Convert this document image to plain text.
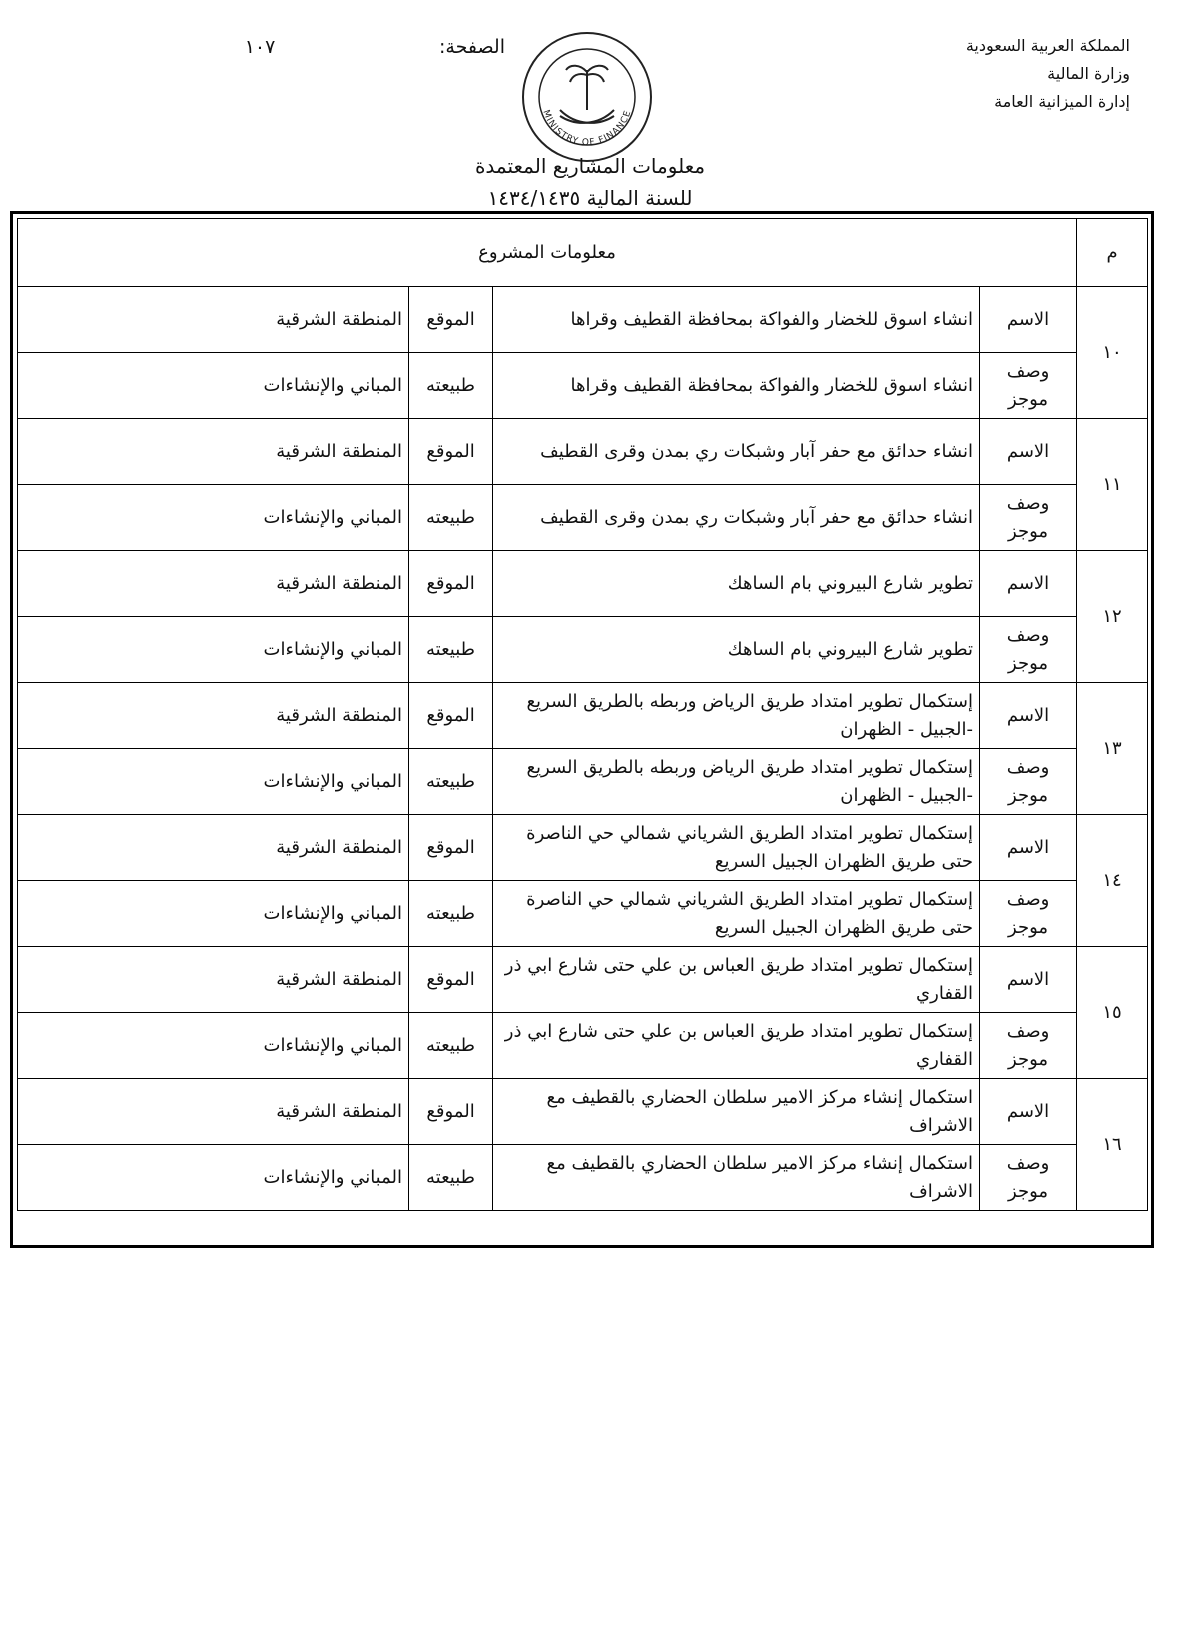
المملكة العربية السعودية
وزارة المالية
إدارة الميزانية العامة
الصفحة:
١٠٧
MINISTRY OF FINANCE
معلومات المشاريع المعتمدة
للسنة المالية ١٤٣٤/١٤٣٥
م	معلومات المشروع			
١٠	الاسم	انشاء اسوق للخضار والفواكة بمحافظة القطيف وقراها	الموقع	المنطقة الشرقية
	وصف موجز	انشاء اسوق للخضار والفواكة بمحافظة القطيف وقراها	طبيعته	المباني والإنشاءات
١١	الاسم	انشاء حدائق مع حفر آبار وشبكات ري بمدن وقرى القطيف	الموقع	المنطقة الشرقية
	وصف موجز	انشاء حدائق مع حفر آبار وشبكات ري بمدن وقرى القطيف	طبيعته	المباني والإنشاءات
١٢	الاسم	تطوير شارع البيروني بام الساهك	الموقع	المنطقة الشرقية
	وصف موجز	تطوير شارع البيروني بام الساهك	طبيعته	المباني والإنشاءات
١٣	الاسم	إستكمال تطوير امتداد طريق الرياض وربطه بالطريق السريع -الجبيل - الظهران	الموقع	المنطقة الشرقية
	وصف موجز	إستكمال تطوير امتداد طريق الرياض وربطه بالطريق السريع -الجبيل - الظهران	طبيعته	المباني والإنشاءات
١٤	الاسم	إستكمال تطوير امتداد الطريق الشرياني شمالي حي الناصرة حتى طريق الظهران الجبيل السريع	الموقع	المنطقة الشرقية
	وصف موجز	إستكمال تطوير امتداد الطريق الشرياني شمالي حي الناصرة حتى طريق الظهران الجبيل السريع	طبيعته	المباني والإنشاءات
١٥	الاسم	إستكمال تطوير امتداد طريق العباس بن علي حتى شارع ابي ذر القفاري	الموقع	المنطقة الشرقية
	وصف موجز	إستكمال تطوير امتداد طريق العباس بن علي حتى شارع ابي ذر القفاري	طبيعته	المباني والإنشاءات
١٦	الاسم	استكمال إنشاء مركز الامير سلطان الحضاري بالقطيف مع الاشراف	الموقع	المنطقة الشرقية
	وصف موجز	استكمال إنشاء مركز الامير سلطان الحضاري بالقطيف مع الاشراف	طبيعته	المباني والإنشاءات
